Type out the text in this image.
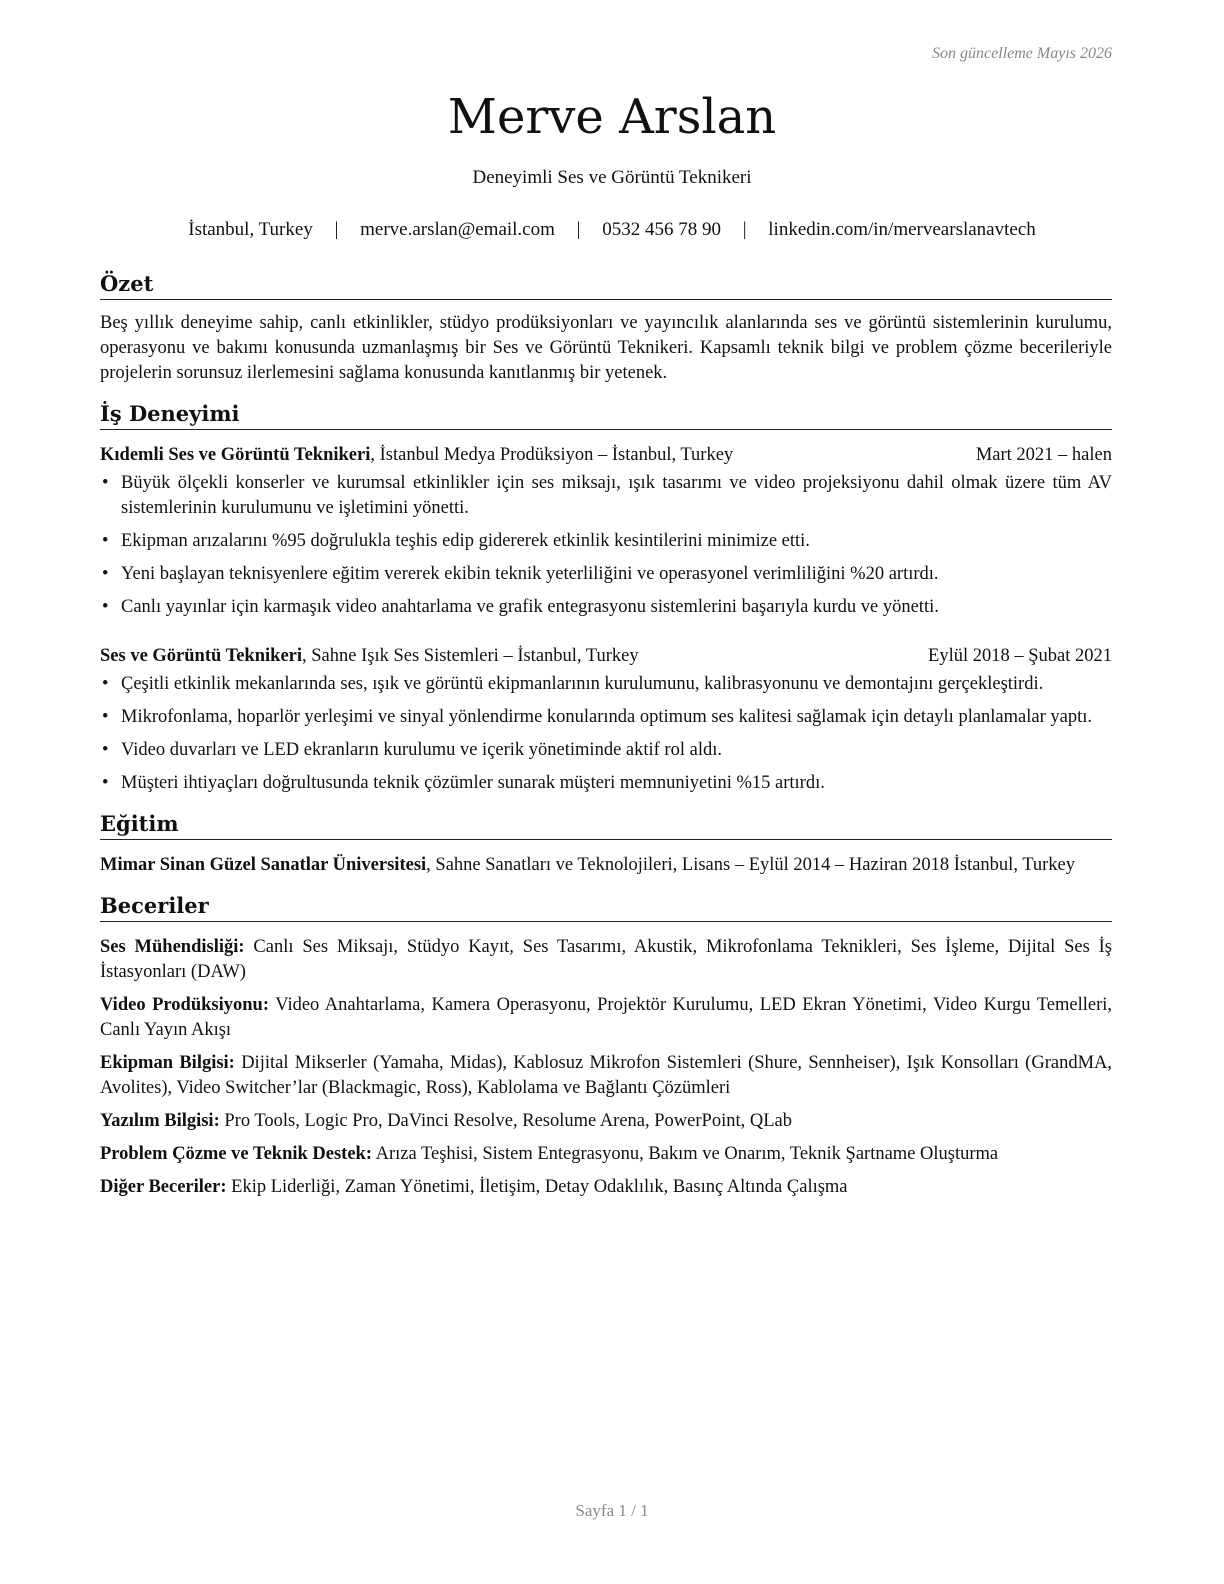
Son güncelleme Mayıs 2026
Merve Arslan
Deneyimli Ses ve Görüntü Teknikeri
İstanbul, Turkey | merve.arslan@email.com | 0532 456 78 90 | linkedin.com/in/mervearslanavtech
Özet

Beş yıllık deneyime sahip, canlı etkinlikler, stüdyo prodüksiyonları ve yayıncılık alanlarında ses ve görüntü sistemlerinin kurulumu, operasyonu ve bakımı konusunda uzmanlaşmış bir Ses ve Görüntü Teknikeri. Kapsamlı teknik bilgi ve problem çözme becerileriyle projelerin sorunsuz ilerlemesini sağlama konusunda kanıtlanmış bir yetenek.

İş Deneyimi
Kıdemli Ses ve Görüntü Teknikeri, İstanbul Medya Prodüksiyon – İstanbul, Turkey	Mart 2021 – halen
• Büyük ölçekli konserler ve kurumsal etkinlikler için ses miksajı, ışık tasarımı ve video projeksiyonu dahil olmak üzere tüm AV sistemlerinin kurulumunu ve işletimini yönetti.
• Ekipman arızalarını %95 doğrulukla teşhis edip gidererek etkinlik kesintilerini minimize etti.
• Yeni başlayan teknisyenlere eğitim vererek ekibin teknik yeterliliğini ve operasyonel verimliliğini %20 artırdı.
• Canlı yayınlar için karmaşık video anahtarlama ve grafik entegrasyonu sistemlerini başarıyla kurdu ve yönetti.
Ses ve Görüntü Teknikeri, Sahne Işık Ses Sistemleri – İstanbul, Turkey	Eylül 2018 – Şubat 2021
• Çeşitli etkinlik mekanlarında ses, ışık ve görüntü ekipmanlarının kurulumunu, kalibrasyonunu ve demontajını gerçekleştirdi.
• Mikrofonlama, hoparlör yerleşimi ve sinyal yönlendirme konularında optimum ses kalitesi sağlamak için detaylı planlamalar yaptı.
• Video duvarları ve LED ekranların kurulumu ve içerik yönetiminde aktif rol aldı.
• Müşteri ihtiyaçları doğrultusunda teknik çözümler sunarak müşteri memnuniyetini %15 artırdı.
Eğitim
Mimar Sinan Güzel Sanatlar Üniversitesi, Sahne Sanatları ve Teknolojileri, Lisans – Eylül 2014 – Haziran 2018 İstanbul, Turkey
Beceriler
Ses Mühendisliği: Canlı Ses Miksajı, Stüdyo Kayıt, Ses Tasarımı, Akustik, Mikrofonlama Teknikleri, Ses İşleme, Dijital Ses İş İstasyonları (DAW)
Video Prodüksiyonu: Video Anahtarlama, Kamera Operasyonu, Projektör Kurulumu, LED Ekran Yönetimi, Video Kurgu Temelleri, Canlı Yayın Akışı
Ekipman Bilgisi: Dijital Mikserler (Yamaha, Midas), Kablosuz Mikrofon Sistemleri (Shure, Sennheiser), Işık Konsolları (GrandMA, Avolites), Video Switcher’lar (Blackmagic, Ross), Kablolama ve Bağlantı Çözümleri
Yazılım Bilgisi: Pro Tools, Logic Pro, DaVinci Resolve, Resolume Arena, PowerPoint, QLab
Problem Çözme ve Teknik Destek: Arıza Teşhisi, Sistem Entegrasyonu, Bakım ve Onarım, Teknik Şartname Oluşturma
Diğer Beceriler: Ekip Liderliği, Zaman Yönetimi, İletişim, Detay Odaklılık, Basınç Altında Çalışma
Sayfa 1 / 1
